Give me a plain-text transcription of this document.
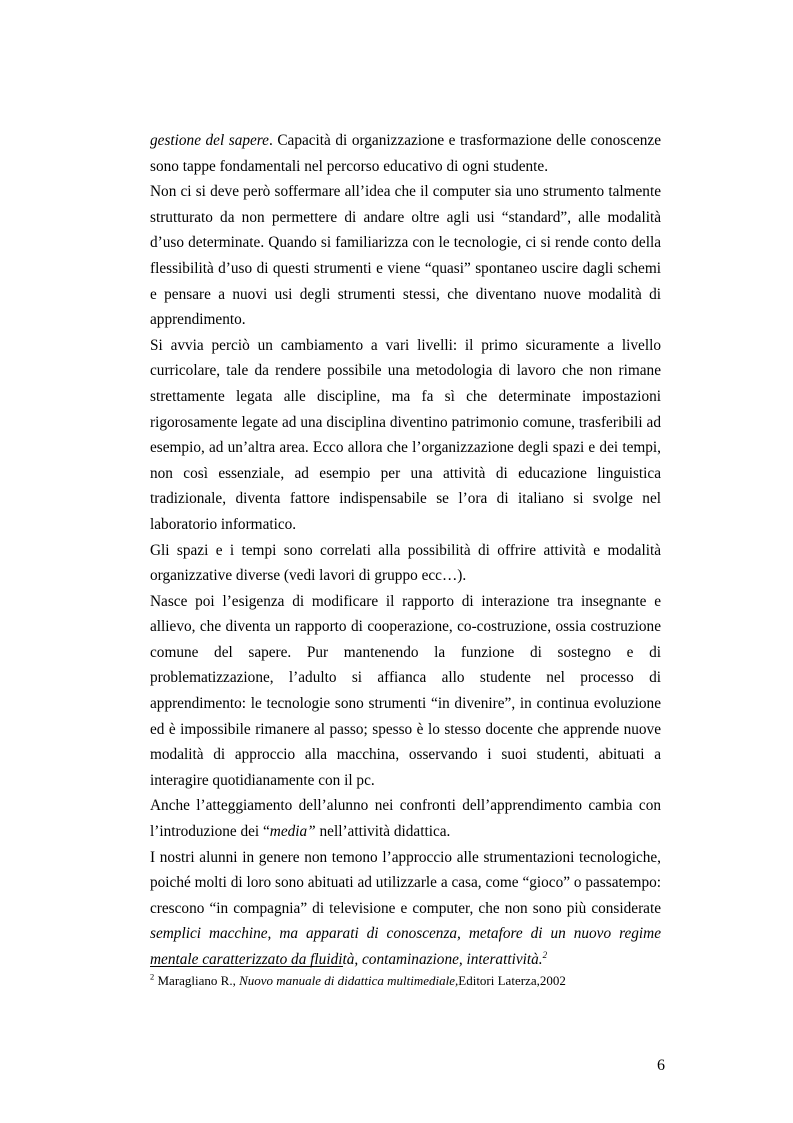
gestione del sapere. Capacità di organizzazione e trasformazione delle conoscenze sono tappe fondamentali nel percorso educativo di ogni studente.

Non ci si deve però soffermare all’idea che il computer sia uno strumento talmente strutturato da non permettere di andare oltre agli usi “standard”, alle modalità d’uso determinate. Quando si familiarizza con le tecnologie, ci si rende conto della flessibilità d’uso di questi strumenti e viene “quasi” spontaneo uscire dagli schemi e pensare a nuovi usi degli strumenti stessi, che diventano nuove modalità di apprendimento.

Si avvia perciò un cambiamento a vari livelli: il primo sicuramente a livello curricolare, tale da rendere possibile una metodologia di lavoro che non rimane strettamente legata alle discipline, ma fa sì che determinate impostazioni rigorosamente legate ad una disciplina diventino patrimonio comune, trasferibili ad esempio, ad un’altra area. Ecco allora che l’organizzazione degli spazi e dei tempi, non così essenziale, ad esempio per una attività di educazione linguistica tradizionale, diventa fattore indispensabile se l’ora di italiano si svolge nel laboratorio informatico.

Gli spazi e i tempi sono correlati alla possibilità di offrire attività e modalità organizzative diverse (vedi lavori di gruppo ecc…).

Nasce poi l’esigenza di modificare il rapporto di interazione tra insegnante e allievo, che diventa un rapporto di cooperazione, co-costruzione, ossia costruzione comune del sapere. Pur mantenendo la funzione di sostegno e di problematizzazione, l’adulto si affianca allo studente nel processo di apprendimento: le tecnologie sono strumenti “in divenire”, in continua evoluzione ed è impossibile rimanere al passo; spesso è lo stesso docente che apprende nuove modalità di approccio alla macchina, osservando i suoi studenti, abituati a interagire quotidianamente con il pc.

Anche l’atteggiamento dell’alunno nei confronti dell’apprendimento cambia con l’introduzione dei “media” nell’attività didattica.

I nostri alunni in genere non temono l’approccio alle strumentazioni tecnologiche, poiché molti di loro sono abituati ad utilizzarle a casa, come “gioco” o passatempo: crescono “in compagnia” di televisione e computer, che non sono più considerate semplici macchine, ma apparati di conoscenza, metafore di un nuovo regime mentale caratterizzato da fluidità, contaminazione, interattività.$^2$

$^2$ Maragliano R., Nuovo manuale di didattica multimediale,Editori Laterza,2002
6
